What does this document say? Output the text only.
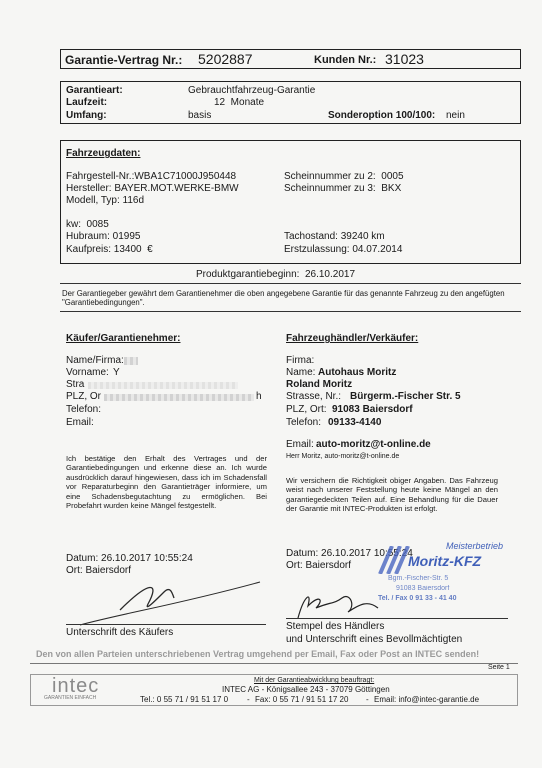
Garantie-Vertrag Nr.: 5202887	Kunden Nr.: 31023
Garantieart:	Gebrauchtfahrzeug-Garantie
Laufzeit:	12  Monate
Umfang:	basis	Sonderoption 100/100: nein
Fahrzeugdaten:
Fahrgestell-Nr.:WBA1C71000J950448
Hersteller: BAYER.MOT.WERKE-BMW
Modell, Typ: 116d
Scheinnummer zu 2:  0005
Scheinnummer zu 3:  BKX
kw:  0085
Hubraum: 01995
Kaufpreis: 13400  €
Tachostand: 39240 km
Erstzulassung: 04.07.2014
Produktgarantiebeginn:  26.10.2017
Der Garantiegeber gewährt dem Garantienehmer die oben angegebene Garantie für das genannte Fahrzeug zu den angefügten "Garantiebedingungen".
Käufer/Garantienehmer:
Name/Firma:
Vorname: Y
Stra
PLZ, Or	h
Telefon:
Email:
Ich bestätige den Erhalt des Vertrages und der Garantiebedingungen und erkenne diese an. Ich wurde ausdrücklich darauf hingewiesen, dass ich im Schadensfall vor Reparaturbeginn den Garantieträger informiere, um eine Schadensbegutachtung zu ermöglichen. Bei Probefahrt wurden keine Mängel festgestellt.
Datum: 26.10.2017 10:55:24
Ort: Baiersdorf
Unterschrift des Käufers
Fahrzeughändler/Verkäufer:
Firma:
Name: Autohaus Moritz
Roland Moritz
Strasse, Nr.: Bürgerm.-Fischer Str. 5
PLZ, Ort: 91083 Baiersdorf
Telefon: 09133-4140
Email: auto-moritz@t-online.de
Herr Moritz, auto-moritz@t-online.de
Wir versichern die Richtigkeit obiger Angaben. Das Fahrzeug weist nach unserer Feststellung heute keine Mängel an den garantiegedeckten Teilen auf. Eine Behandlung für die Dauer der Garantie mit INTEC-Produkten ist erfolgt.
Datum: 26.10.2017 10:55:24
Ort: Baiersdorf
Meisterbetrieb
Moritz-KFZ
Bgm.-Fischer-Str. 5
91083 Baiersdorf
Tel. / Fax 0 91 33 - 41 40
Stempel des Händlers
und Unterschrift eines Bevollmächtigten
Den von allen Parteien unterschriebenen Vertrag umgehend per Email, Fax oder Post an INTEC senden!
Seite 1
intec
GARANTIEN EINFACH
Mit der Garantieabwicklung beauftragt:
INTEC AG - Königsallee 243 - 37079 Göttingen
Tel.: 0 55 71 / 91 51 17 0 - Fax: 0 55 71 / 91 51 17 20 - Email: info@intec-garantie.de
